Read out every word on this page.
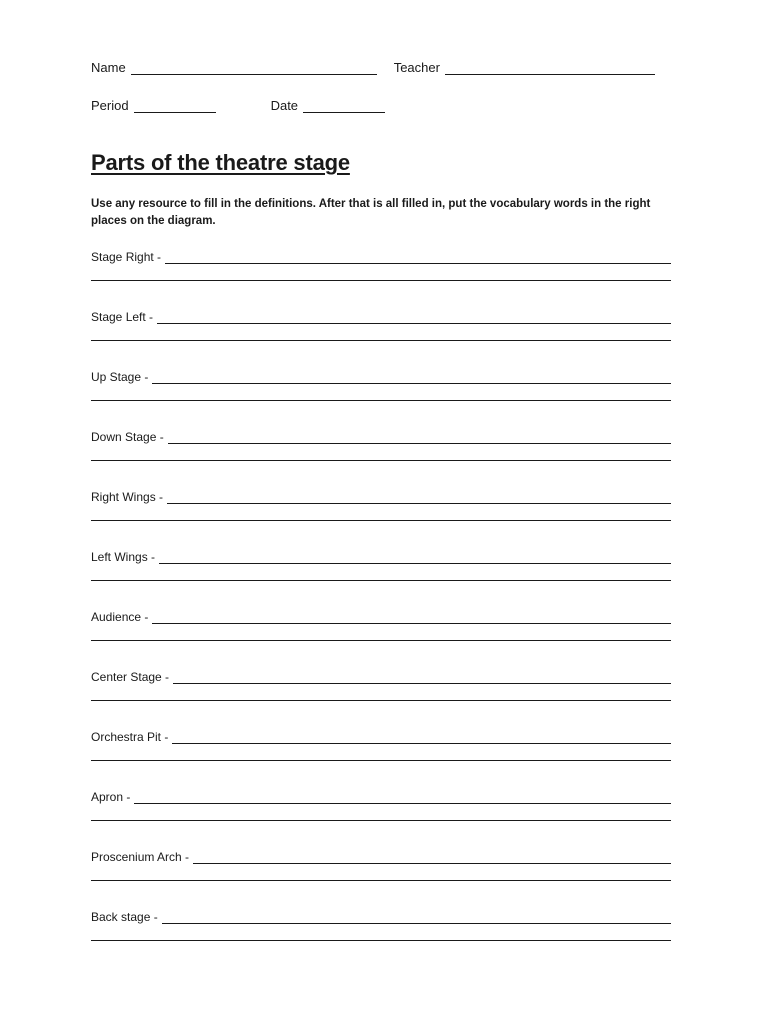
Name	Teacher
Period	Date
Parts of the theatre stage
Use any resource to fill in the definitions. After that is all filled in, put the vocabulary words in the right places on the diagram.
Stage Right -
Stage Left -
Up Stage -
Down Stage -
Right Wings -
Left Wings -
Audience -
Center Stage -
Orchestra Pit -
Apron -
Proscenium Arch -
Back stage -
